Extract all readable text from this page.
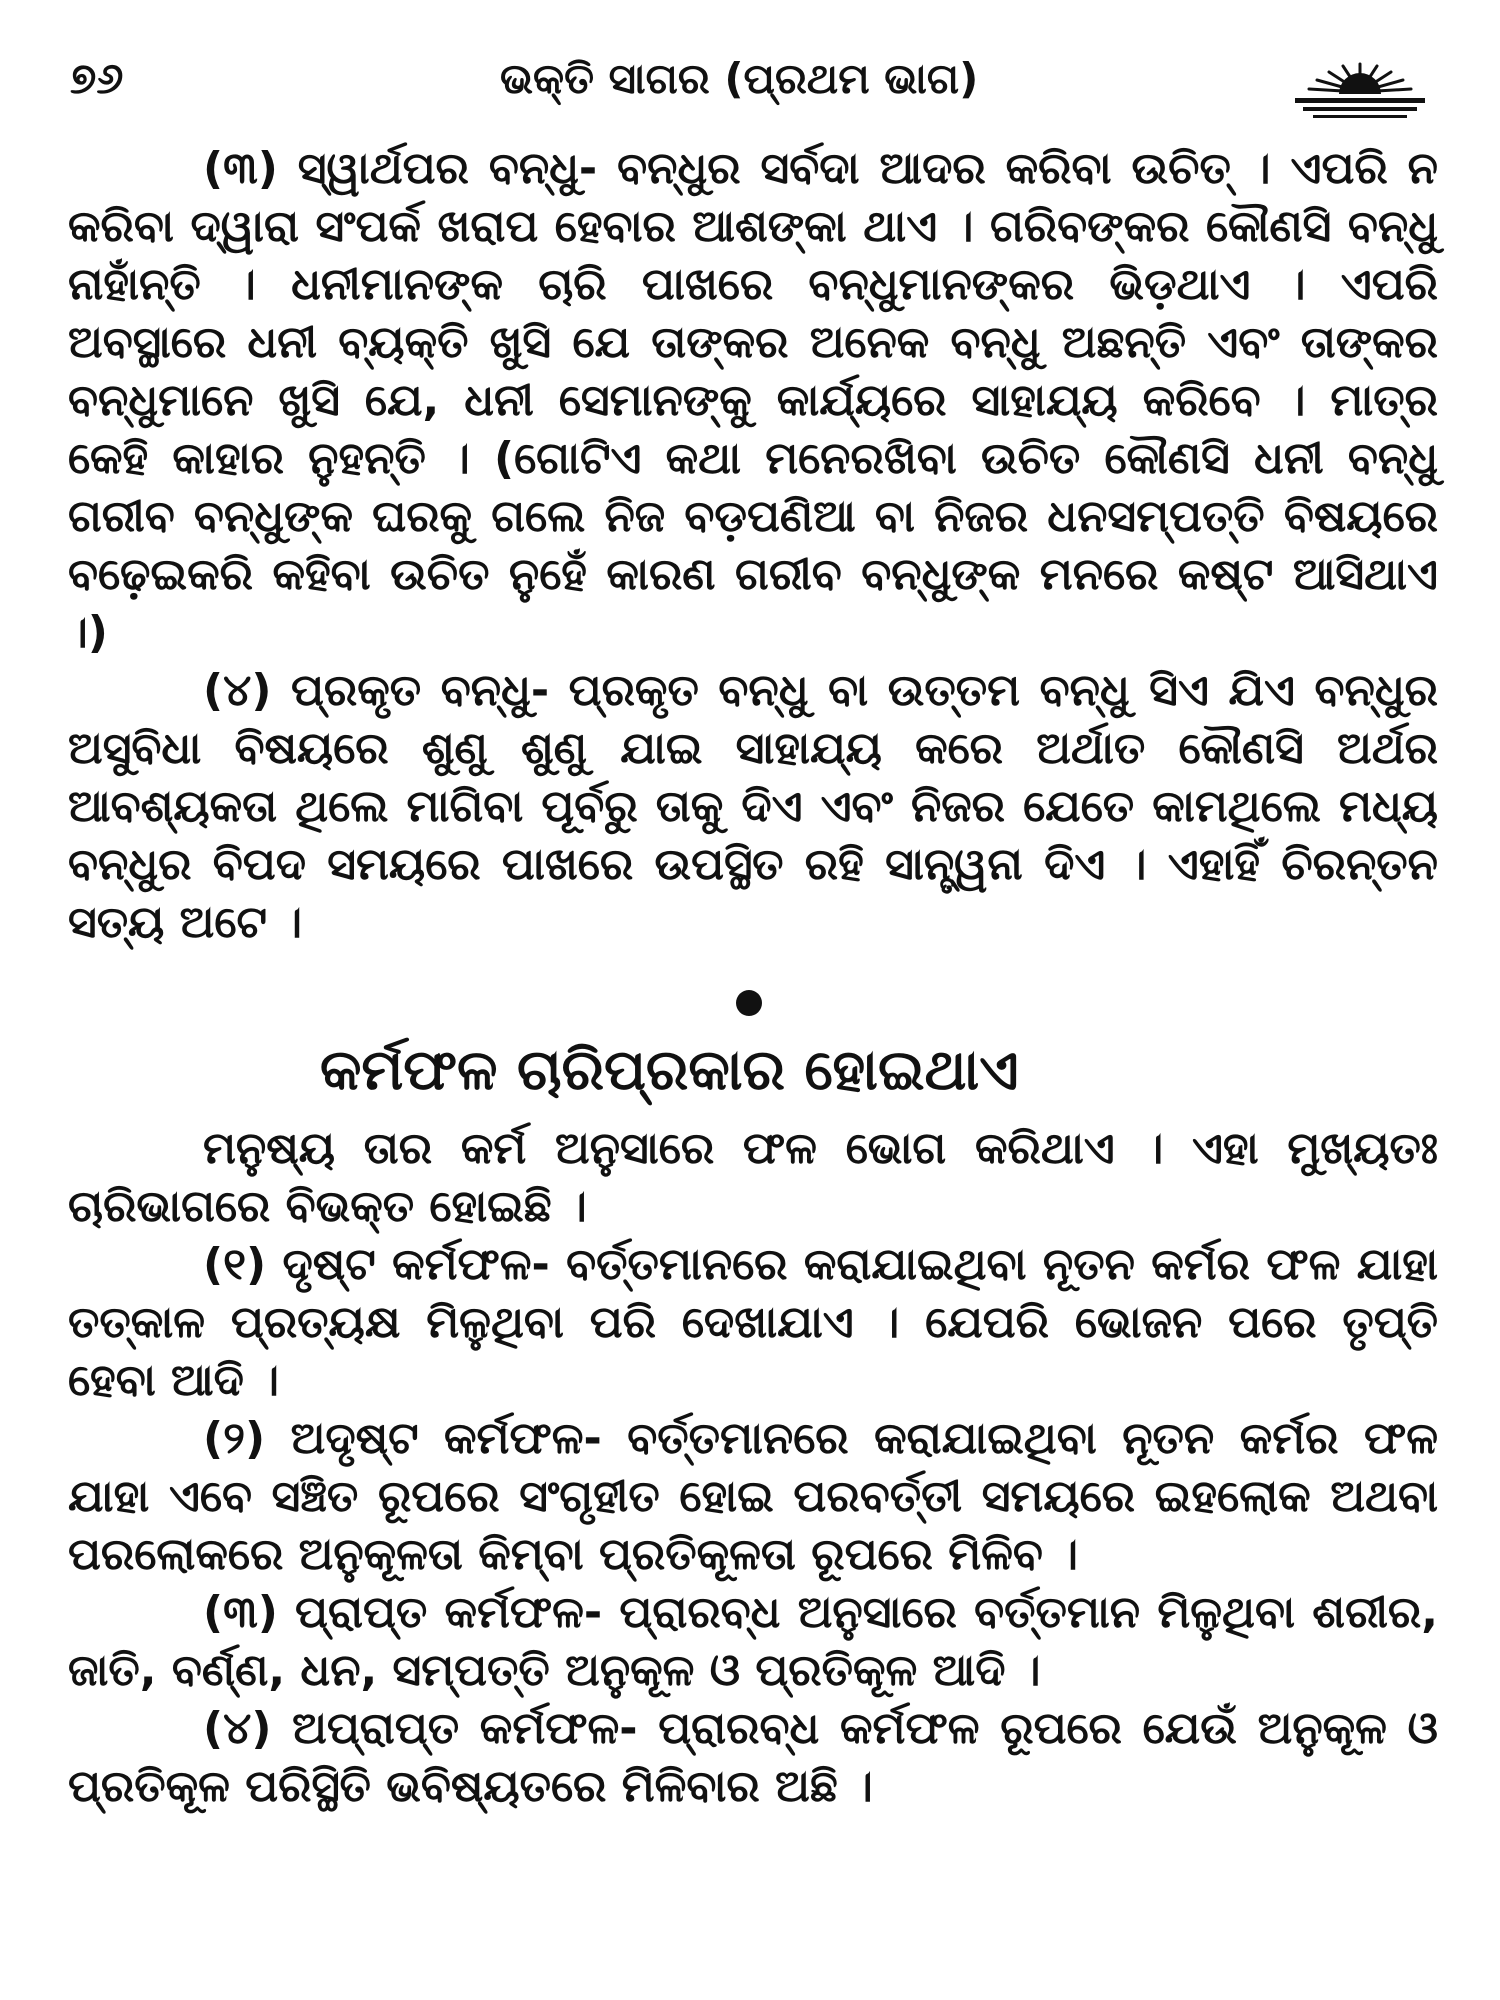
୭୬	ଭକ୍ତି ସାଗର (ପ୍ରଥମ ଭାଗ)

(୩) ସ୍ୱାର୍ଥପର ବନ୍ଧୁ- ବନ୍ଧୁର ସର୍ବଦା ଆଦର କରିବା ଉଚିତ୍ । ଏପରି ନ କରିବା ଦ୍ୱାରା ସଂପର୍କ ଖରାପ ହେବାର ଆଶଙ୍କା ଥାଏ । ଗରିବଙ୍କର କୌଣସି ବନ୍ଧୁ ନାହାଁନ୍ତି । ଧନୀମାନଙ୍କ ଚାରି ପାଖରେ ବନ୍ଧୁମାନଙ୍କର ଭିଡ଼ଥାଏ । ଏପରି ଅବସ୍ଥାରେ ଧନୀ ବ୍ୟକ୍ତି ଖୁସି ଯେ ତାଙ୍କର ଅନେକ ବନ୍ଧୁ ଅଛନ୍ତି ଏବଂ ତାଙ୍କର ବନ୍ଧୁମାନେ ଖୁସି ଯେ, ଧନୀ ସେମାନଙ୍କୁ କାର୍ଯ୍ୟରେ ସାହାଯ୍ୟ କରିବେ । ମାତ୍ର କେହି କାହାର ନୁହନ୍ତି । (ଗୋଟିଏ କଥା ମନେରଖିବା ଉଚିତ କୌଣସି ଧନୀ ବନ୍ଧୁ ଗରୀବ ବନ୍ଧୁଙ୍କ ଘରକୁ ଗଲେ ନିଜ ବଡ଼ପଣିଆ ବା ନିଜର ଧନସମ୍ପତ୍ତି ବିଷୟରେ ବଢ଼େଇକରି କହିବା ଉଚିତ ନୁହେଁ କାରଣ ଗରୀବ ବନ୍ଧୁଙ୍କ ମନରେ କଷ୍ଟ ଆସିଥାଏ ।)

(୪) ପ୍ରକୃତ ବନ୍ଧୁ- ପ୍ରକୃତ ବନ୍ଧୁ ବା ଉତ୍ତମ ବନ୍ଧୁ ସିଏ ଯିଏ ବନ୍ଧୁର ଅସୁବିଧା ବିଷୟରେ ଶୁଣୁ ଶୁଣୁ ଯାଇ ସାହାଯ୍ୟ କରେ ଅର୍ଥାତ କୌଣସି ଅର୍ଥର ଆବଶ୍ୟକତା ଥିଲେ ମାଗିବା ପୂର୍ବରୁ ତାକୁ ଦିଏ ଏବଂ ନିଜର ଯେତେ କାମଥିଲେ ମଧ୍ୟ ବନ୍ଧୁର ବିପଦ ସମୟରେ ପାଖରେ ଉପସ୍ଥିତ ରହି ସାନ୍ତ୍ୱନା ଦିଏ । ଏହାହିଁ ଚିରନ୍ତନ ସତ୍ୟ ଅଟେ ।

କର୍ମଫଳ ଚାରିପ୍ରକାର ହୋଇଥାଏ

ମନୁଷ୍ୟ ତାର କର୍ମ ଅନୁସାରେ ଫଳ ଭୋଗ କରିଥାଏ । ଏହା ମୁଖ୍ୟତଃ ଚାରିଭାଗରେ ବିଭକ୍ତ ହୋଇଛି ।

(୧) ଦୃଷ୍ଟ କର୍ମଫଳ- ବର୍ତ୍ତମାନରେ କରାଯାଇଥିବା ନୂତନ କର୍ମର ଫଳ ଯାହା ତତ୍କାଳ ପ୍ରତ୍ୟକ୍ଷ ମିଳୁଥିବା ପରି ଦେଖାଯାଏ । ଯେପରି ଭୋଜନ ପରେ ତୃପ୍ତି ହେବା ଆଦି ।

(୨) ଅଦୃଷ୍ଟ କର୍ମଫଳ- ବର୍ତ୍ତମାନରେ କରାଯାଇଥିବା ନୂତନ କର୍ମର ଫଳ ଯାହା ଏବେ ସଞ୍ଚିତ ରୂପରେ ସଂଗୃହୀତ ହୋଇ ପରବର୍ତ୍ତୀ ସମୟରେ ଇହଲୋକ ଅଥବା ପରଲୋକରେ ଅନୁକୂଳତା କିମ୍ବା ପ୍ରତିକୂଳତା ରୂପରେ ମିଳିବ ।

(୩) ପ୍ରାପ୍ତ କର୍ମଫଳ- ପ୍ରାରବ୍ଧ ଅନୁସାରେ ବର୍ତ୍ତମାନ ମିଳୁଥିବା ଶରୀର, ଜାତି, ବର୍ଣ୍ଣ, ଧନ, ସମ୍ପତ୍ତି ଅନୁକୂଳ ଓ ପ୍ରତିକୂଳ ଆଦି ।

(୪) ଅପ୍ରାପ୍ତ କର୍ମଫଳ- ପ୍ରାରବ୍ଧ କର୍ମଫଳ ରୂପରେ ଯେଉଁ ଅନୁକୂଳ ଓ ପ୍ରତିକୂଳ ପରିସ୍ଥିତି ଭବିଷ୍ୟତରେ ମିଳିବାର ଅଛି ।
